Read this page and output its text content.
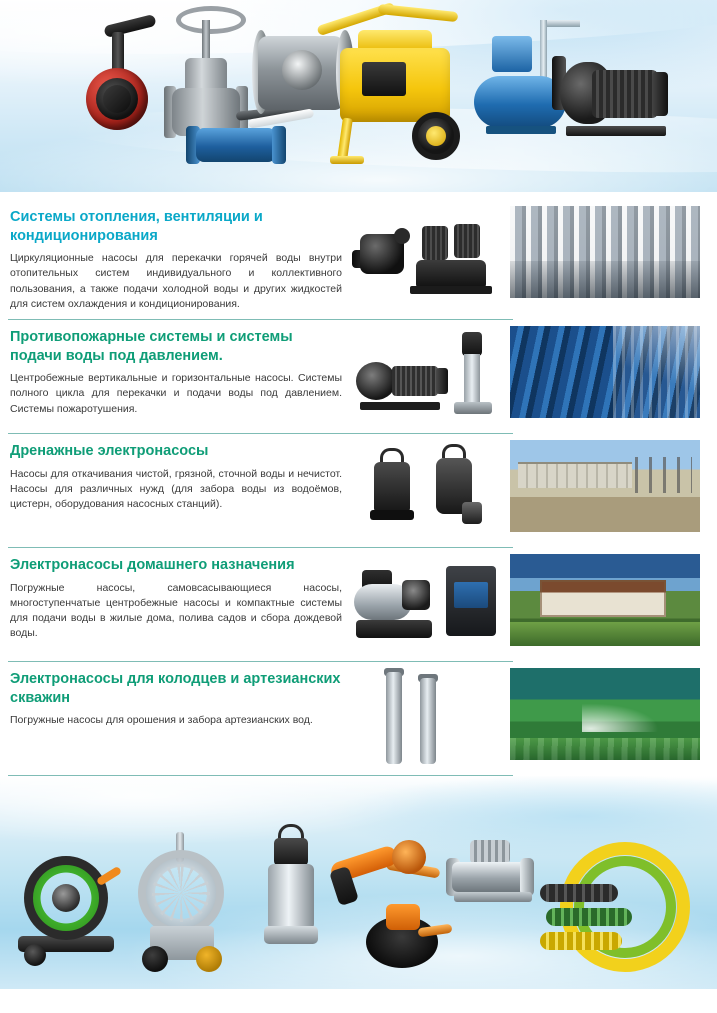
Системы отопления, вентиляции и кондиционирования

Циркуляционные насосы для перекачки горячей воды внутри отопительных систем индивидуального и коллективного пользования, а также подачи холодной воды и других жидкостей для систем охлаждения и кондиционирования.

Противопожарные системы и системы подачи воды под давлением.

Центробежные вертикальные и горизонтальные насосы. Системы полного цикла для перекачки и подачи воды под давлением. Системы пожаротушения.

Дренажные электронасосы

Насосы для откачивания чистой, грязной, сточной воды и нечистот. Насосы для различных нужд (для забора воды из водоёмов, цистерн, оборудования насосных станций).

Электронасосы домашнего назначения

Погружные насосы, самовсасывающиеся насосы, многоступенчатые центробежные насосы и компактные системы для подачи воды в жилые дома, полива садов и сбора дождевой воды.

Электронасосы для колодцев и артезианских скважин

Погружные насосы для орошения и забора артезианских вод.
